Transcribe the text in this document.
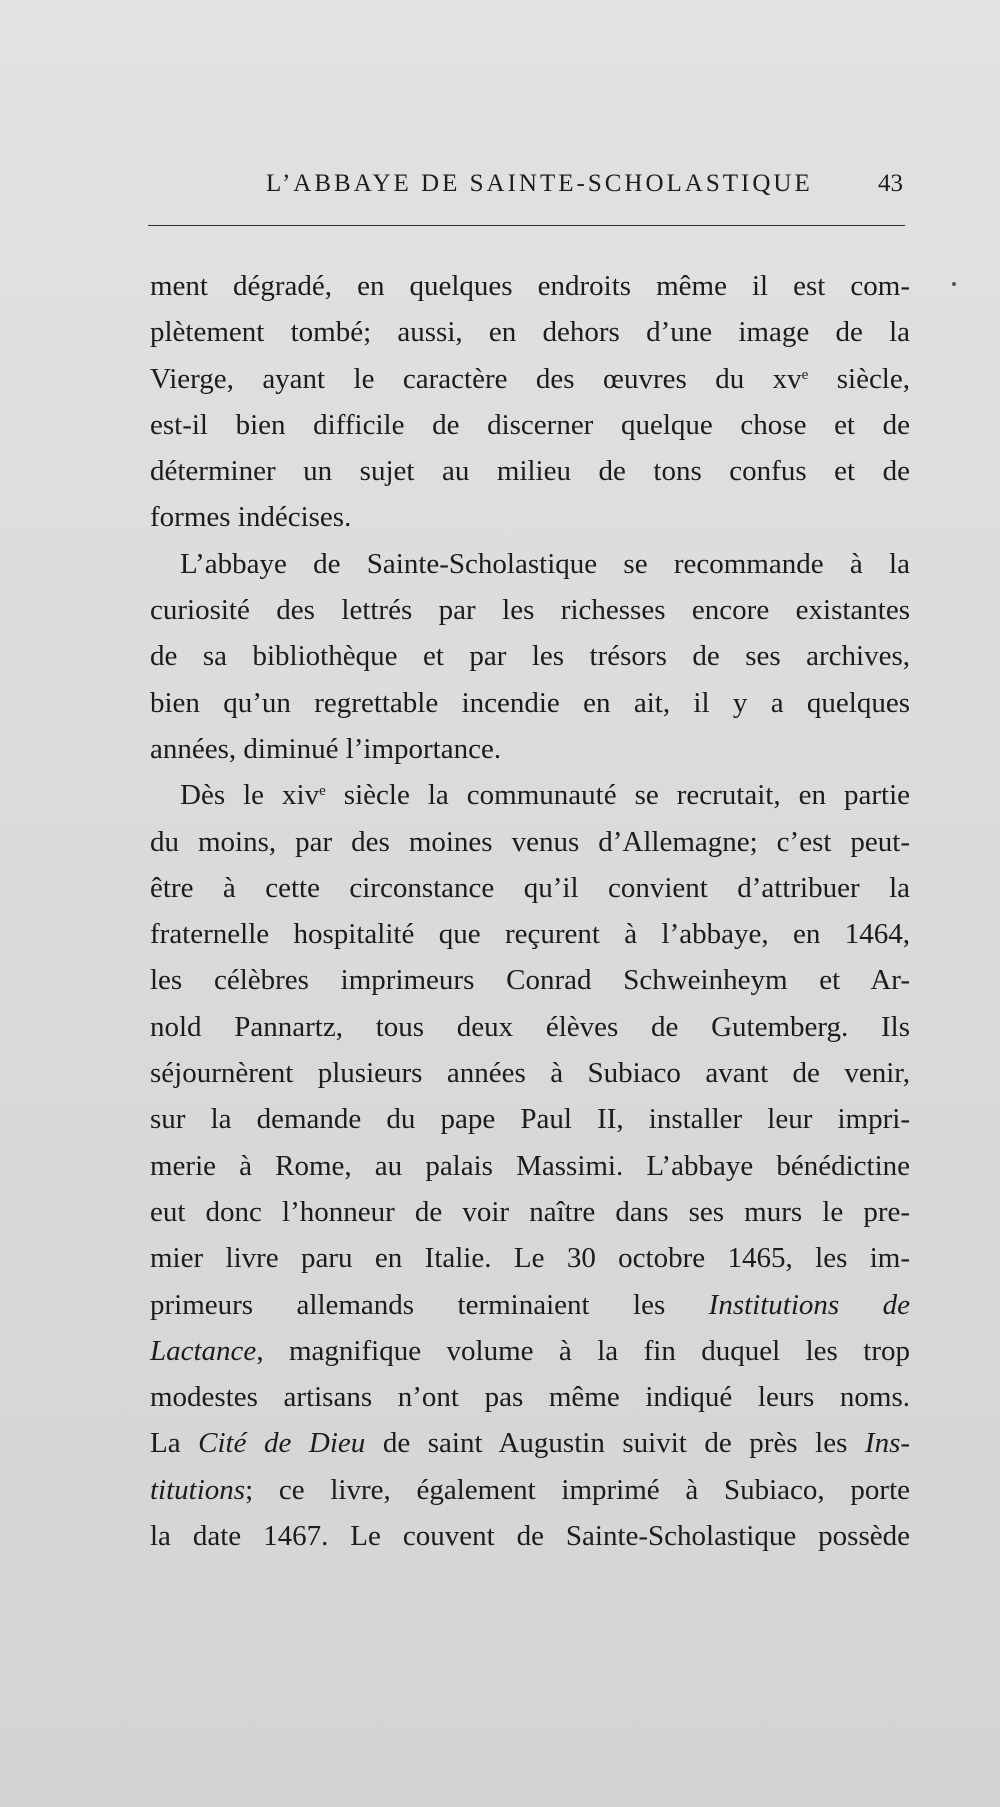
L’ABBAYE DE SAINTE-SCHOLASTIQUE	43
ment dégradé, en quelques endroits même il est com-
plètement tombé; aussi, en dehors d’une image de la
Vierge, ayant le caractère des œuvres du $xv^e$ siècle,
est-il bien difficile de discerner quelque chose et de
déterminer un sujet au milieu de tons confus et de
formes indécises.
L’abbaye de Sainte-Scholastique se recommande à la
curiosité des lettrés par les richesses encore existantes
de sa bibliothèque et par les trésors de ses archives,
bien qu’un regrettable incendie en ait, il y a quelques
années, diminué l’importance.
Dès le xiv$^e$ siècle la communauté se recrutait, en partie
du moins, par des moines venus d’Allemagne; c’est peut-
être à cette circonstance qu’il convient d’attribuer la
fraternelle hospitalité que reçurent à l’abbaye, en 1464,
les célèbres imprimeurs Conrad Schweinheym et Ar-
nold Pannartz, tous deux élèves de Gutemberg. Ils
séjournèrent plusieurs années à Subiaco avant de venir,
sur la demande du pape Paul II, installer leur impri-
merie à Rome, au palais Massimi. L’abbaye bénédictine
eut donc l’honneur de voir naître dans ses murs le pre-
mier livre paru en Italie. Le 30 octobre 1465, les im-
primeurs allemands terminaient les Institutions de
Lactance, magnifique volume à la fin duquel les trop
modestes artisans n’ont pas même indiqué leurs noms.
La Cité de Dieu de saint Augustin suivit de près les Ins-
titutions; ce livre, également imprimé à Subiaco, porte
la date 1467. Le couvent de Sainte-Scholastique possède
